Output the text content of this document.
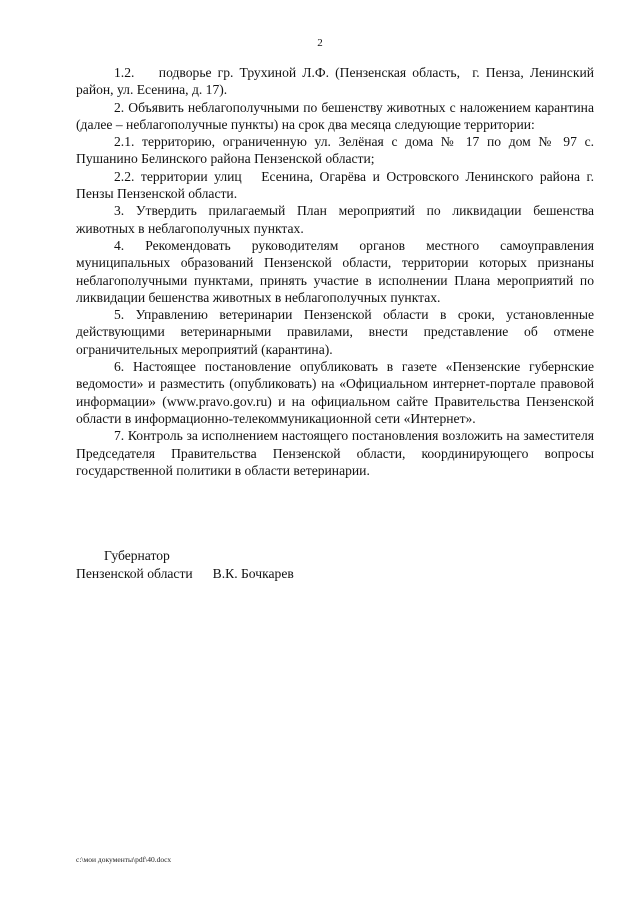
2

1.2.    подворье гр. Трухиной Л.Ф. (Пензенская область,  г. Пенза, Ленинский район, ул. Есенина, д. 17).

2. Объявить неблагополучными по бешенству животных с наложением карантина (далее – неблагополучные пункты) на срок два месяца следующие территории:

2.1. территорию, ограниченную ул. Зелёная с дома № 17 по дом № 97 с. Пушанино Белинского района Пензенской области;

2.2. территории улиц   Есенина, Огарёва и Островского Ленинского района г. Пензы Пензенской области.

3. Утвердить прилагаемый План мероприятий по ликвидации бешенства животных в неблагополучных пунктах.

4. Рекомендовать руководителям органов местного самоуправления муниципальных образований Пензенской области, территории которых признаны неблагополучными пунктами, принять участие в исполнении Плана мероприятий по ликвидации бешенства животных в неблагополучных пунктах.

5. Управлению ветеринарии Пензенской области в сроки, установленные действующими ветеринарными правилами, внести представление об отмене ограничительных мероприятий (карантина).

6. Настоящее постановление опубликовать в газете «Пензенские губернские ведомости» и разместить (опубликовать) на «Официальном интернет-портале правовой информации» (www.pravo.gov.ru) и на официальном сайте Правительства Пензенской области в информационно-телекоммуникационной сети «Интернет».

7. Контроль за исполнением настоящего постановления возложить на заместителя Председателя Правительства Пензенской области, координирующего вопросы государственной политики в области ветеринарии.

Губернатор
Пензенской области В.К. Бочкарев
c:\мои документы\pdf\40.docx
